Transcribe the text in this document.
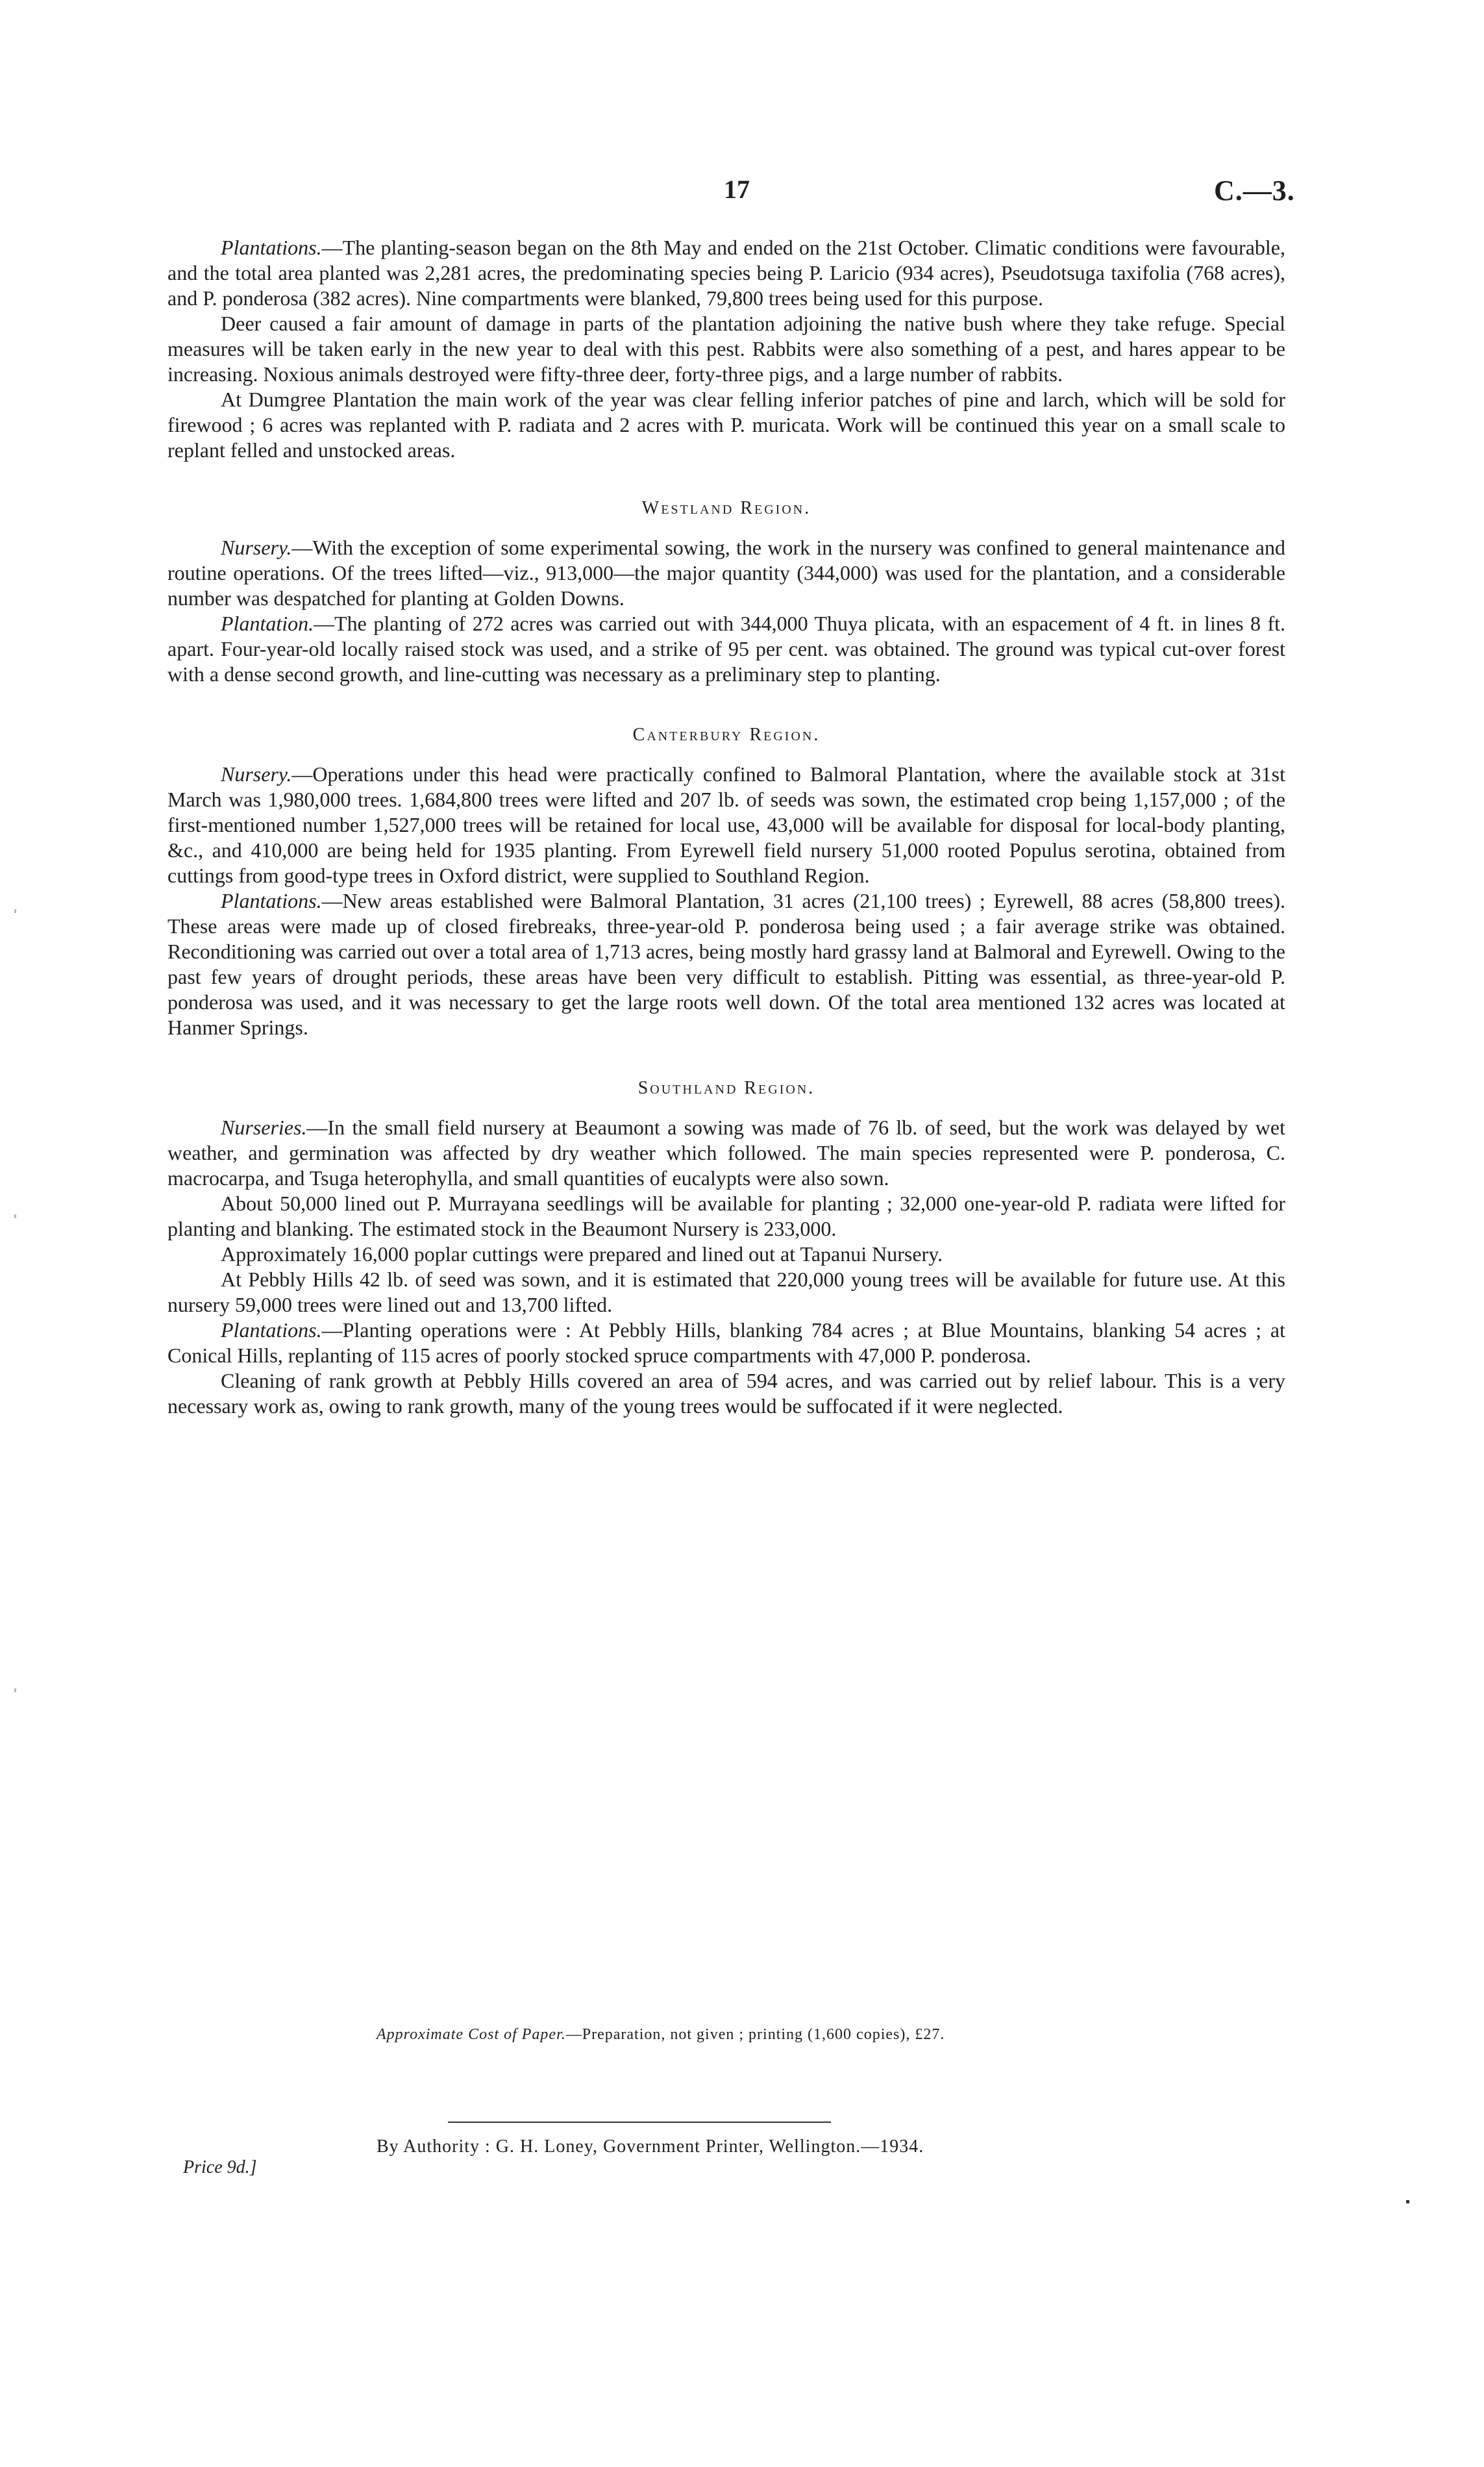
17	C.—3.

Plantations.—The planting-season began on the 8th May and ended on the 21st October. Climatic conditions were favourable, and the total area planted was 2,281 acres, the predominating species being P. Laricio (934 acres), Pseudotsuga taxifolia (768 acres), and P. ponderosa (382 acres). Nine compartments were blanked, 79,800 trees being used for this purpose.

Deer caused a fair amount of damage in parts of the plantation adjoining the native bush where they take refuge. Special measures will be taken early in the new year to deal with this pest. Rabbits were also something of a pest, and hares appear to be increasing. Noxious animals destroyed were fifty-three deer, forty-three pigs, and a large number of rabbits.

At Dumgree Plantation the main work of the year was clear felling inferior patches of pine and larch, which will be sold for firewood ; 6 acres was replanted with P. radiata and 2 acres with P. muricata. Work will be continued this year on a small scale to replant felled and unstocked areas.

Westland Region.

Nursery.—With the exception of some experimental sowing, the work in the nursery was confined to general maintenance and routine operations. Of the trees lifted—viz., 913,000—the major quantity (344,000) was used for the plantation, and a considerable number was despatched for planting at Golden Downs.

Plantation.—The planting of 272 acres was carried out with 344,000 Thuya plicata, with an espacement of 4 ft. in lines 8 ft. apart. Four-year-old locally raised stock was used, and a strike of 95 per cent. was obtained. The ground was typical cut-over forest with a dense second growth, and line-cutting was necessary as a preliminary step to planting.

Canterbury Region.

Nursery.—Operations under this head were practically confined to Balmoral Plantation, where the available stock at 31st March was 1,980,000 trees. 1,684,800 trees were lifted and 207 lb. of seeds was sown, the estimated crop being 1,157,000 ; of the first-mentioned number 1,527,000 trees will be retained for local use, 43,000 will be available for disposal for local-body planting, &c., and 410,000 are being held for 1935 planting. From Eyrewell field nursery 51,000 rooted Populus serotina, obtained from cuttings from good-type trees in Oxford district, were supplied to Southland Region.

Plantations.—New areas established were Balmoral Plantation, 31 acres (21,100 trees) ; Eyrewell, 88 acres (58,800 trees). These areas were made up of closed firebreaks, three-year-old P. ponderosa being used ; a fair average strike was obtained. Reconditioning was carried out over a total area of 1,713 acres, being mostly hard grassy land at Balmoral and Eyrewell. Owing to the past few years of drought periods, these areas have been very difficult to establish. Pitting was essential, as three-year-old P. ponderosa was used, and it was necessary to get the large roots well down. Of the total area mentioned 132 acres was located at Hanmer Springs.

Southland Region.

Nurseries.—In the small field nursery at Beaumont a sowing was made of 76 lb. of seed, but the work was delayed by wet weather, and germination was affected by dry weather which followed. The main species represented were P. ponderosa, C. macrocarpa, and Tsuga heterophylla, and small quantities of eucalypts were also sown.

About 50,000 lined out P. Murrayana seedlings will be available for planting ; 32,000 one-year-old P. radiata were lifted for planting and blanking. The estimated stock in the Beaumont Nursery is 233,000.

Approximately 16,000 poplar cuttings were prepared and lined out at Tapanui Nursery.

At Pebbly Hills 42 lb. of seed was sown, and it is estimated that 220,000 young trees will be available for future use. At this nursery 59,000 trees were lined out and 13,700 lifted.

Plantations.—Planting operations were : At Pebbly Hills, blanking 784 acres ; at Blue Mountains, blanking 54 acres ; at Conical Hills, replanting of 115 acres of poorly stocked spruce compartments with 47,000 P. ponderosa.

Cleaning of rank growth at Pebbly Hills covered an area of 594 acres, and was carried out by relief labour. This is a very necessary work as, owing to rank growth, many of the young trees would be suffocated if it were neglected.

Approximate Cost of Paper.—Preparation, not given ; printing (1,600 copies), £27.
By Authority : G. H. Loney, Government Printer, Wellington.—1934.
Price 9d.]
